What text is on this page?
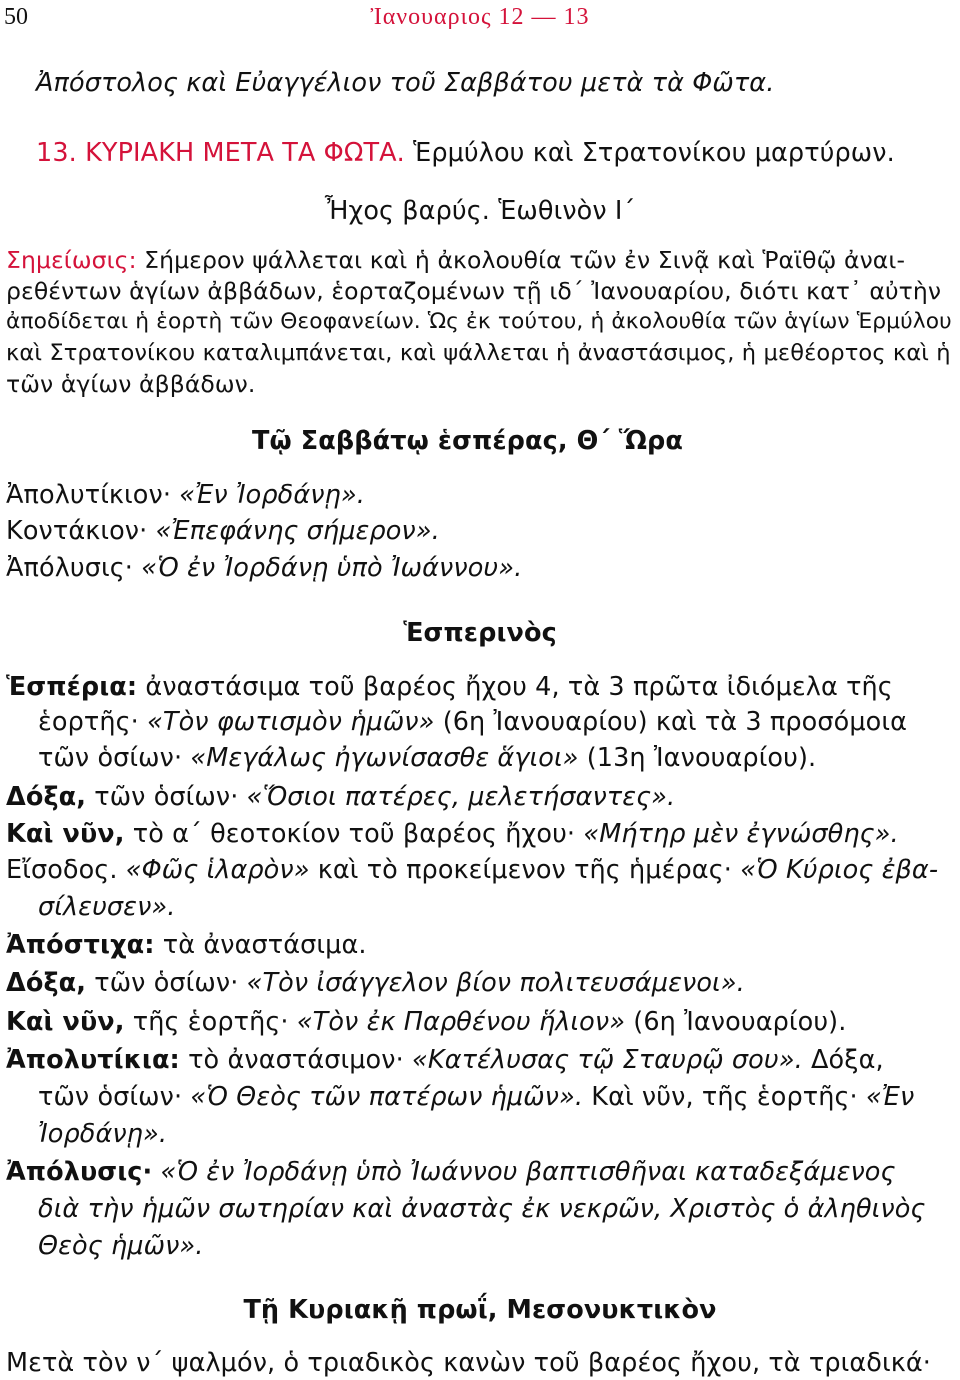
50	Ἰανουαριος 12 — 13
Ἀπόστολος καὶ Εὐαγγέλιον τοῦ Σαββάτου μετὰ τὰ Φῶτα.
13. ΚΥΡΙΑΚΗ ΜΕΤΑ ΤΑ ΦΩΤΑ. Ἑρμύλου καὶ Στρατονίκου μαρτύρων.
Ἦχος βαρύς. Ἑωθινὸν Ι΄
Σημείωσις: Σήμερον ψάλλεται καὶ ἡ ἀκολουθία τῶν ἐν Σινᾷ καὶ Ῥαϊθῷ ἀναι-
ρεθέντων ἁγίων ἀββάδων, ἑορταζομένων τῇ ιδ΄ Ἰανουαρίου, διότι κατ᾽ αὐτὴν
ἀποδίδεται ἡ ἑορτὴ τῶν Θεοφανείων. Ὡς ἐκ τούτου, ἡ ἀκολουθία τῶν ἁγίων Ἑρμύλου
καὶ Στρατονίκου καταλιμπάνεται, καὶ ψάλλεται ἡ ἀναστάσιμος, ἡ μεθέορτος καὶ ἡ
τῶν ἁγίων ἀββάδων.
Τῷ Σαββάτῳ ἑσπέρας, Θ΄ Ὥρα
Ἀπολυτίκιον· «Ἐν Ἰορδάνῃ».
Κοντάκιον· «Ἐπεφάνης σήμερον».
Ἀπόλυσις· «Ὁ ἐν Ἰορδάνῃ ὑπὸ Ἰωάννου».
Ἑσπερινὸς
Ἑσπέρια: ἀναστάσιμα τοῦ βαρέος ἤχου 4, τὰ 3 πρῶτα ἰδιόμελα τῆς
ἑορτῆς· «Τὸν φωτισμὸν ἡμῶν» (6η Ἰανουαρίου) καὶ τὰ 3 προσόμοια
τῶν ὁσίων· «Μεγάλως ἠγωνίσασθε ἅγιοι» (13η Ἰανουαρίου).
Δόξα, τῶν ὁσίων· «Ὅσιοι πατέρες, μελετήσαντες».
Καὶ νῦν, τὸ α΄ θεοτοκίον τοῦ βαρέος ἤχου· «Μήτηρ μὲν ἐγνώσθης».
Εἴσοδος. «Φῶς ἱλαρὸν» καὶ τὸ προκείμενον τῆς ἡμέρας· «Ὁ Κύριος ἐβα-
σίλευσεν».
Ἀπόστιχα: τὰ ἀναστάσιμα.
Δόξα, τῶν ὁσίων· «Τὸν ἰσάγγελον βίον πολιτευσάμενοι».
Καὶ νῦν, τῆς ἑορτῆς· «Τὸν ἐκ Παρθένου ἥλιον» (6η Ἰανουαρίου).
Ἀπολυτίκια: τὸ ἀναστάσιμον· «Κατέλυσας τῷ Σταυρῷ σου». Δόξα,
τῶν ὁσίων· «Ὁ Θεὸς τῶν πατέρων ἡμῶν». Καὶ νῦν, τῆς ἑορτῆς· «Ἐν
Ἰορδάνῃ».
Ἀπόλυσις· «Ὁ ἐν Ἰορδάνῃ ὑπὸ Ἰωάννου βαπτισθῆναι καταδεξάμενος
διὰ τὴν ἡμῶν σωτηρίαν καὶ ἀναστὰς ἐκ νεκρῶν, Χριστὸς ὁ ἀληθινὸς
Θεὸς ἡμῶν».
Τῇ Κυριακῇ πρωΐ, Μεσονυκτικὸν
Μετὰ τὸν ν΄ ψαλμόν, ὁ τριαδικὸς κανὼν τοῦ βαρέος ἤχου, τὰ τριαδικά·
